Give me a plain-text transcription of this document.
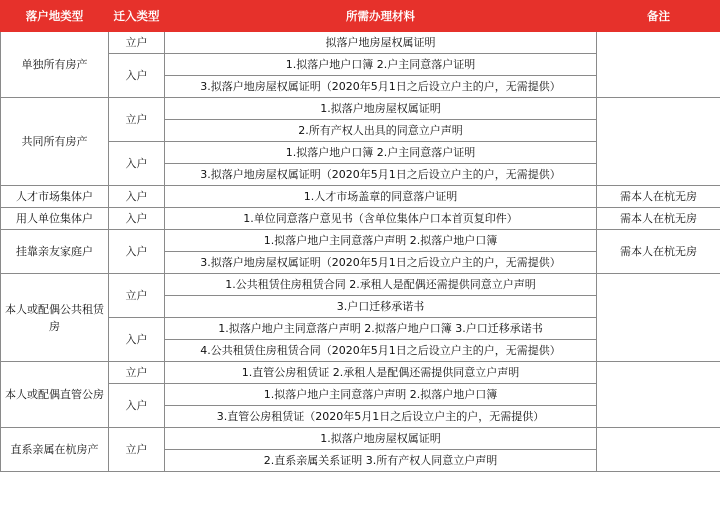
落户地类型	迁入类型	所需办理材料	备注
单独所有房产	立户	拟落户地房屋权属证明	
	入户	1.拟落户地户口簿 2.户主同意落户证明	
		3.拟落户地房屋权属证明（2020年5月1日之后设立户主的户，无需提供）	
共同所有房产	立户	1.拟落户地房屋权属证明	
		2.所有产权人出具的同意立户声明	
	入户	1.拟落户地户口簿 2.户主同意落户证明	
		3.拟落户地房屋权属证明（2020年5月1日之后设立户主的户，无需提供）	
人才市场集体户	入户	1.人才市场盖章的同意落户证明	需本人在杭无房
用人单位集体户	入户	1.单位同意落户意见书（含单位集体户口本首页复印件）	需本人在杭无房
挂靠亲友家庭户	入户	1.拟落户地户主同意落户声明 2.拟落户地户口簿	需本人在杭无房
		3.拟落户地房屋权属证明（2020年5月1日之后设立户主的户，无需提供）	
本人或配偶公共租赁房	立户	1.公共租赁住房租赁合同 2.承租人是配偶还需提供同意立户声明	
		3.户口迁移承诺书	
	入户	1.拟落户地户主同意落户声明 2.拟落户地户口簿 3.户口迁移承诺书	
		4.公共租赁住房租赁合同（2020年5月1日之后设立户主的户，无需提供）	
本人或配偶直管公房	立户	1.直管公房租赁证 2.承租人是配偶还需提供同意立户声明	
	入户	1.拟落户地户主同意落户声明 2.拟落户地户口簿	
		3.直管公房租赁证（2020年5月1日之后设立户主的户，无需提供）	
直系亲属在杭房产	立户	1.拟落户地房屋权属证明	
		2.直系亲属关系证明 3.所有产权人同意立户声明	
